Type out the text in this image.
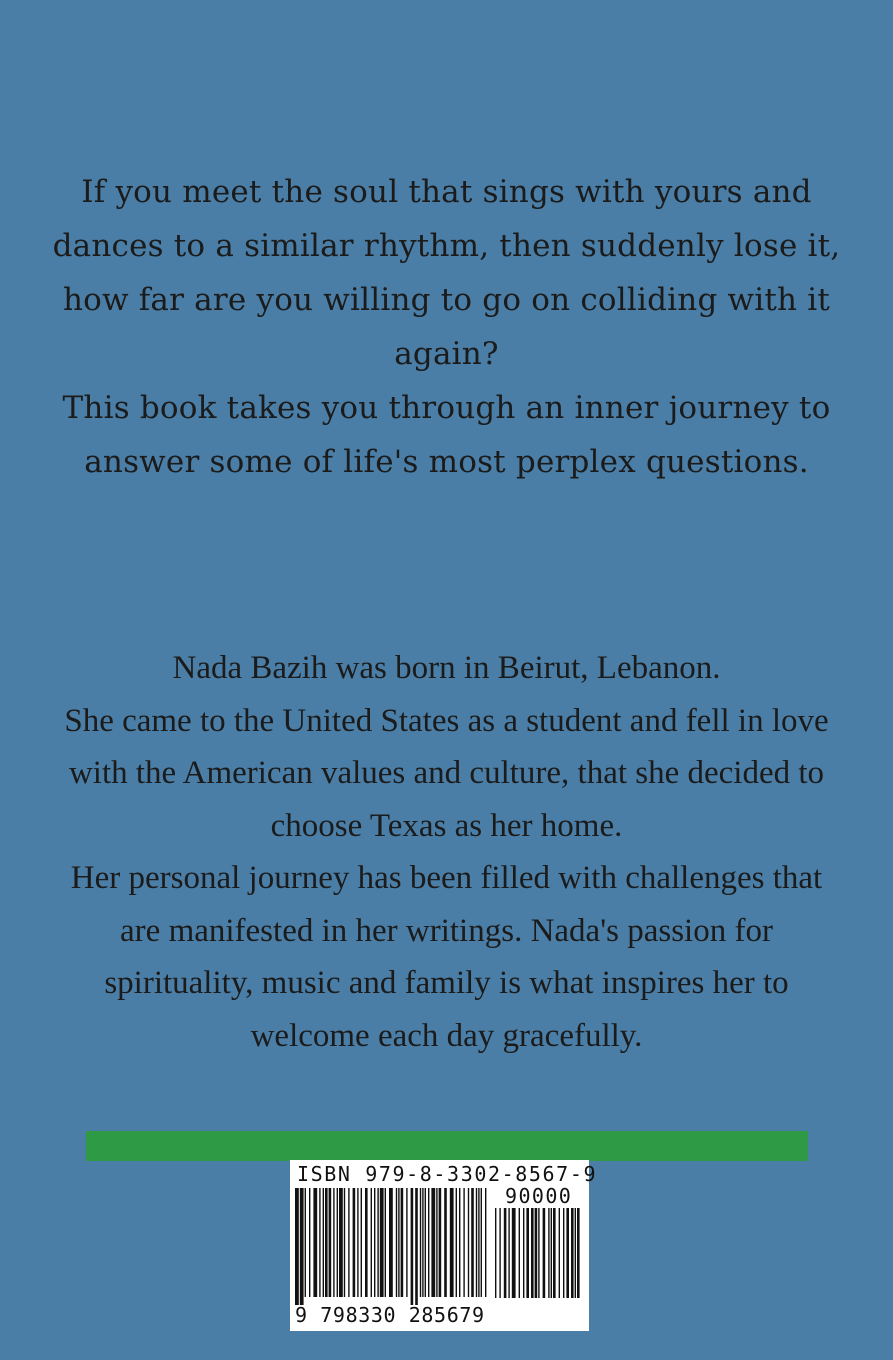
If you meet the soul that sings with yours and
dances to a similar rhythm, then suddenly lose it,
how far are you willing to go on colliding with it
again?
This book takes you through an inner journey to
answer some of life's most perplex questions.
Nada Bazih was born in Beirut, Lebanon.
She came to the United States as a student and fell in love
with the American values and culture, that she decided to
choose Texas as her home.
Her personal journey has been filled with challenges that
are manifested in her writings. Nada's passion for
spirituality, music and family is what inspires her to
welcome each day gracefully.
ISBN 979-8-3302-8567-9
90000
9 798330 285679
